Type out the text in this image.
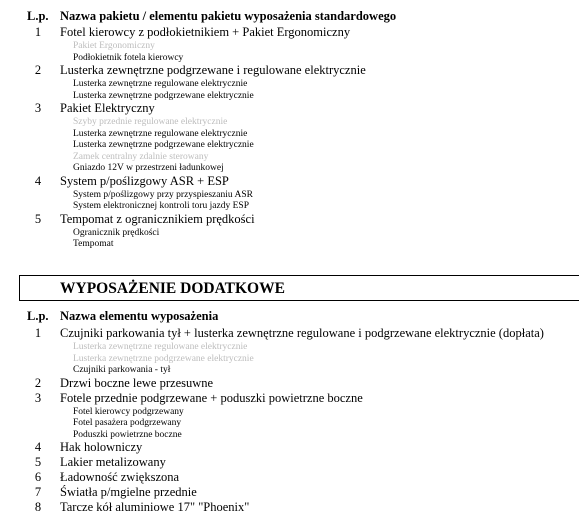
L.p. Nazwa pakietu / elementu pakietu wyposażenia standardowego
1	Fotel kierowcy z podłokietnikiem + Pakiet Ergonomiczny
Pakiet Ergonomiczny
Podłokietnik fotela kierowcy
2	Lusterka zewnętrzne podgrzewane i regulowane elektrycznie
Lusterka zewnętrzne regulowane elektrycznie
Lusterka zewnętrzne podgrzewane elektrycznie
3	Pakiet Elektryczny
Szyby przednie regulowane elektrycznie
Lusterka zewnętrzne regulowane elektrycznie
Lusterka zewnętrzne podgrzewane elektrycznie
Zamek centralny zdalnie sterowany
Gniazdo 12V w przestrzeni ładunkowej
4	System p/poślizgowy ASR + ESP
System p/poślizgowy przy przyspieszaniu ASR
System elektronicznej kontroli toru jazdy ESP
5	Tempomat z ogranicznikiem prędkości
Ogranicznik prędkości
Tempomat
WYPOSAŻENIE DODATKOWE
L.p. Nazwa elementu wyposażenia
1	Czujniki parkowania tył + lusterka zewnętrzne regulowane i podgrzewane elektrycznie (dopłata)
Lusterka zewnętrzne regulowane elektrycznie
Lusterka zewnętrzne podgrzewane elektrycznie
Czujniki parkowania - tył
2	Drzwi boczne lewe przesuwne
3	Fotele przednie podgrzewane + poduszki powietrzne boczne
Fotel kierowcy podgrzewany
Fotel pasażera podgrzewany
Poduszki powietrzne boczne
4	Hak holowniczy
5	Lakier metalizowany
6	Ładowność zwiększona
7	Światła p/mgielne przednie
8	Tarcze kół aluminiowe 17" "Phoenix"
